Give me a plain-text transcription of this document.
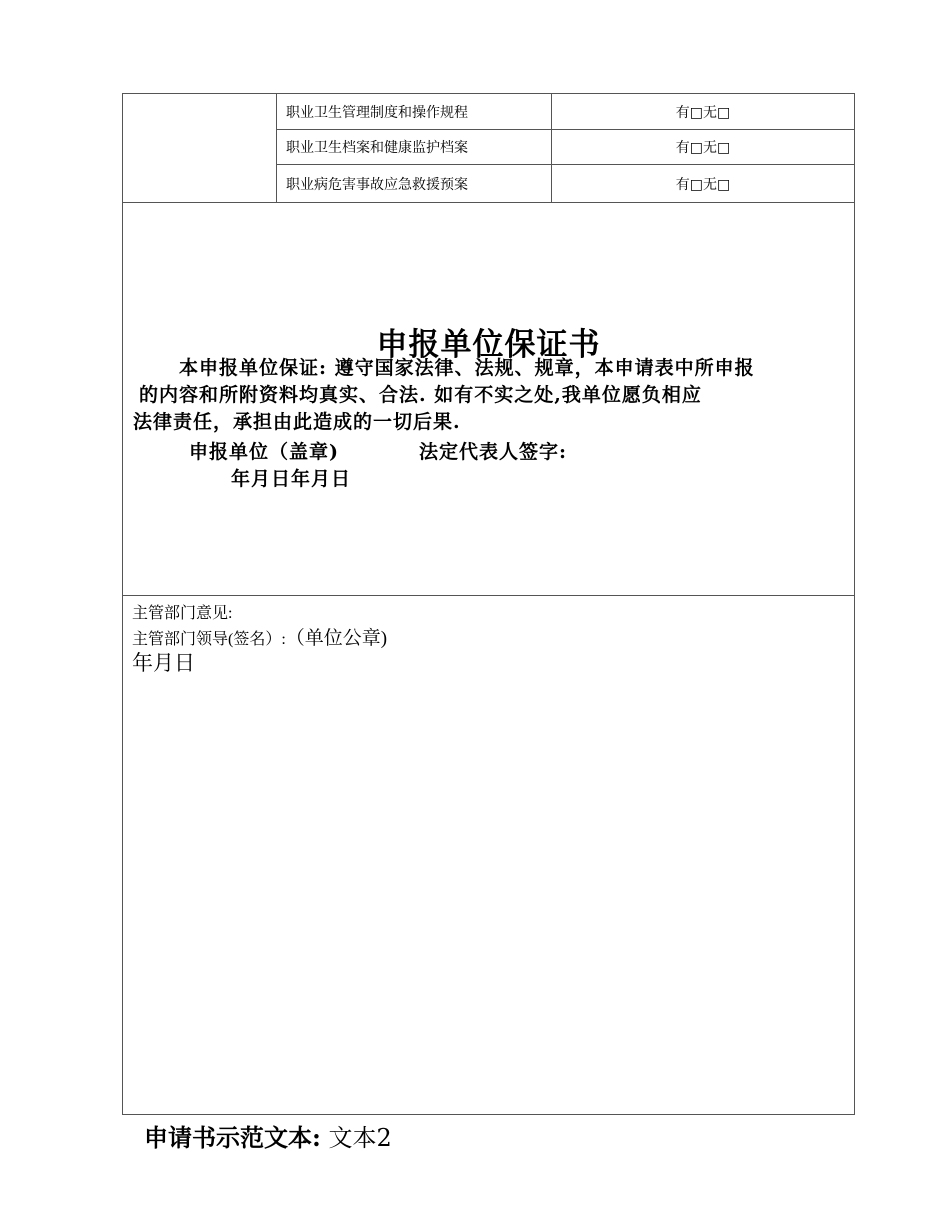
职业卫生管理制度和操作规程	有□无□
职业卫生档案和健康监护档案	有□无□
职业病危害事故应急救援预案	有□无□
申报单位保证书
本申报单位保证: 遵守国家法律、法规、规章，本申请表中所申报
的内容和所附资料均真实、合法. 如有不实之处,我单位愿负相应
法律责任，承担由此造成的一切后果.
申报单位（盖章)	法定代表人签字:
年月日年月日
主管部门意见:
主管部门领导(签名）:（单位公章)
年月日
申请书示范文本: 文本2
